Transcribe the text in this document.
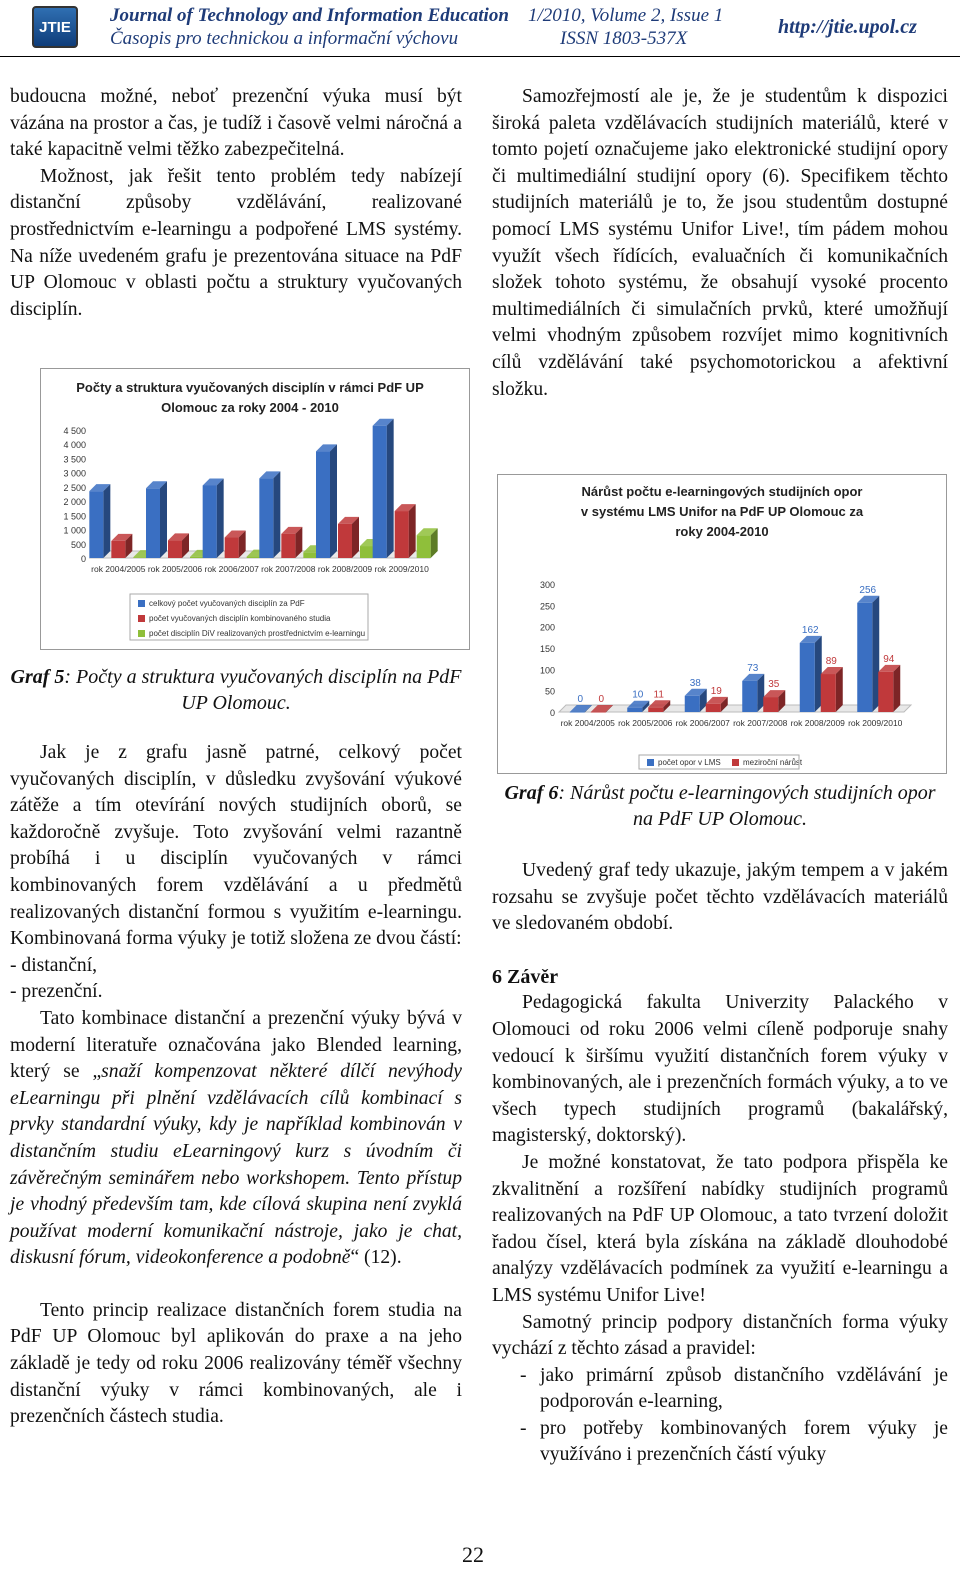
JTIE
Journal of Technology and Information Education
Časopis pro technickou a informační výchovu
1/2010, Volume 2, Issue 1
ISSN 1803-537X
http://jtie.upol.cz

budoucna možné, neboť prezenční výuka musí být vázána na prostor a čas, je tudíž i časově velmi náročná a také kapacitně velmi těžko zabezpečitelná.

Možnost, jak řešit tento problém tedy nabízejí distanční způsoby vzdělávání, realizované prostřednictvím e-learningu a podpořené LMS systémy. Na níže uvedeném grafu je prezentována situace na PdF UP Olomouc v oblasti počtu a struktury vyučovaných disciplín.

Počty a struktura vyučovaných disciplín v rámci PdF UP
Olomouc za roky 2004 - 2010
0
500
1 000
1 500
2 000
2 500
3 000
3 500
4 000
4 500
rok 2004/2005 rok 2005/2006 rok 2006/2007 rok 2007/2008 rok 2008/2009 rok 2009/2010
celkový počet vyučovaných disciplín za PdF
počet vyučovaných disciplín kombinovaného studia
počet disciplín DiV realizovaných prostřednictvím e-learningu
Graf 5: Počty a struktura vyučovaných disciplín na PdF UP Olomouc.

Jak je z grafu jasně patrné, celkový počet vyučovaných disciplín, v důsledku zvyšování výukové zátěže a tím otevírání nových studijních oborů, se každoročně zvyšuje. Toto zvyšování velmi razantně probíhá i u disciplín vyučovaných v rámci kombinovaných forem vzdělávání a u předmětů realizovaných distanční formou s využitím e-learningu. Kombinovaná forma výuky je totiž složena ze dvou částí:

- distanční,

- prezenční.

Tato kombinace distanční a prezenční výuky bývá v moderní literatuře označována jako Blended learning, který se „snaží kompenzovat některé dílčí nevýhody eLearningu při plnění vzdělávacích cílů kombinací s prvky standardní výuky, kdy je například kombinován v distančním studiu eLearningový kurz s úvodním či závěrečným seminářem nebo workshopem. Tento přístup je vhodný především tam, kde cílová skupina není zvyklá používat moderní komunikační nástroje, jako je chat, diskusní fórum, videokonference a podobně“ (12).

Tento princip realizace distančních forem studia na PdF UP Olomouc byl aplikován do praxe a na jeho základě je tedy od roku 2006 realizovány téměř všechny distanční výuky v rámci kombinovaných, ale i prezenčních částech studia.

Samozřejmostí ale je, že je studentům k dispozici široká paleta vzdělávacích studijních materiálů, které v tomto pojetí označujeme jako elektronické studijní opory či multimediální studijní opory (6). Specifikem těchto studijních materiálů je to, že jsou studentům dostupné pomocí LMS systému Unifor Live!, tím pádem mohou využít všech řídících, evaluačních či komunikačních složek tohoto systému, že obsahují vysoké procento multimediálních či simulačních prvků, které umožňují velmi vhodným způsobem rozvíjet mimo kognitivních cílů vzdělávání také psychomotorickou a afektivní složku.

Nárůst počtu e-learningových studijních opor
v systému LMS Unifor na PdF UP Olomouc za
roky 2004-2010
0
50
100
150
200
250
300
rok 2004/2005
0 0
rok 2005/2006
10 11
rok 2006/2007
38
19
rok 2007/2008
73
35
rok 2008/2009
162
89
rok 2009/2010
256
94
počet opor v LMS	meziroční nárůst
Graf 6: Nárůst počtu e-learningových studijních opor na PdF UP Olomouc.

Uvedený graf tedy ukazuje, jakým tempem a v jakém rozsahu se zvyšuje počet těchto vzdělávacích materiálů ve sledovaném období.

6 Závěr

Pedagogická fakulta Univerzity Palackého v Olomouci od roku 2006 velmi cíleně podporuje snahy vedoucí k širšímu využití distančních forem výuky v kombinovaných, ale i prezenčních formách výuky, a to ve všech typech studijních programů (bakalářský, magisterský, doktorský).

Je možné konstatovat, že tato podpora přispěla ke zkvalitnění a rozšíření nabídky studijních programů realizovaných na PdF UP Olomouc, a tato tvrzení doložit řadou čísel, která byla získána na základě dlouhodobé analýzy vzdělávacích podmínek za využití e-learningu a LMS systému Unifor Live!

Samotný princip podpory distančních forma výuky vychází z těchto zásad a pravidel:

- jako primární způsob distančního vzdělávání je podporován e-learning,
- pro potřeby kombinovaných forem výuky je využíváno i prezenčních částí výuky
22
